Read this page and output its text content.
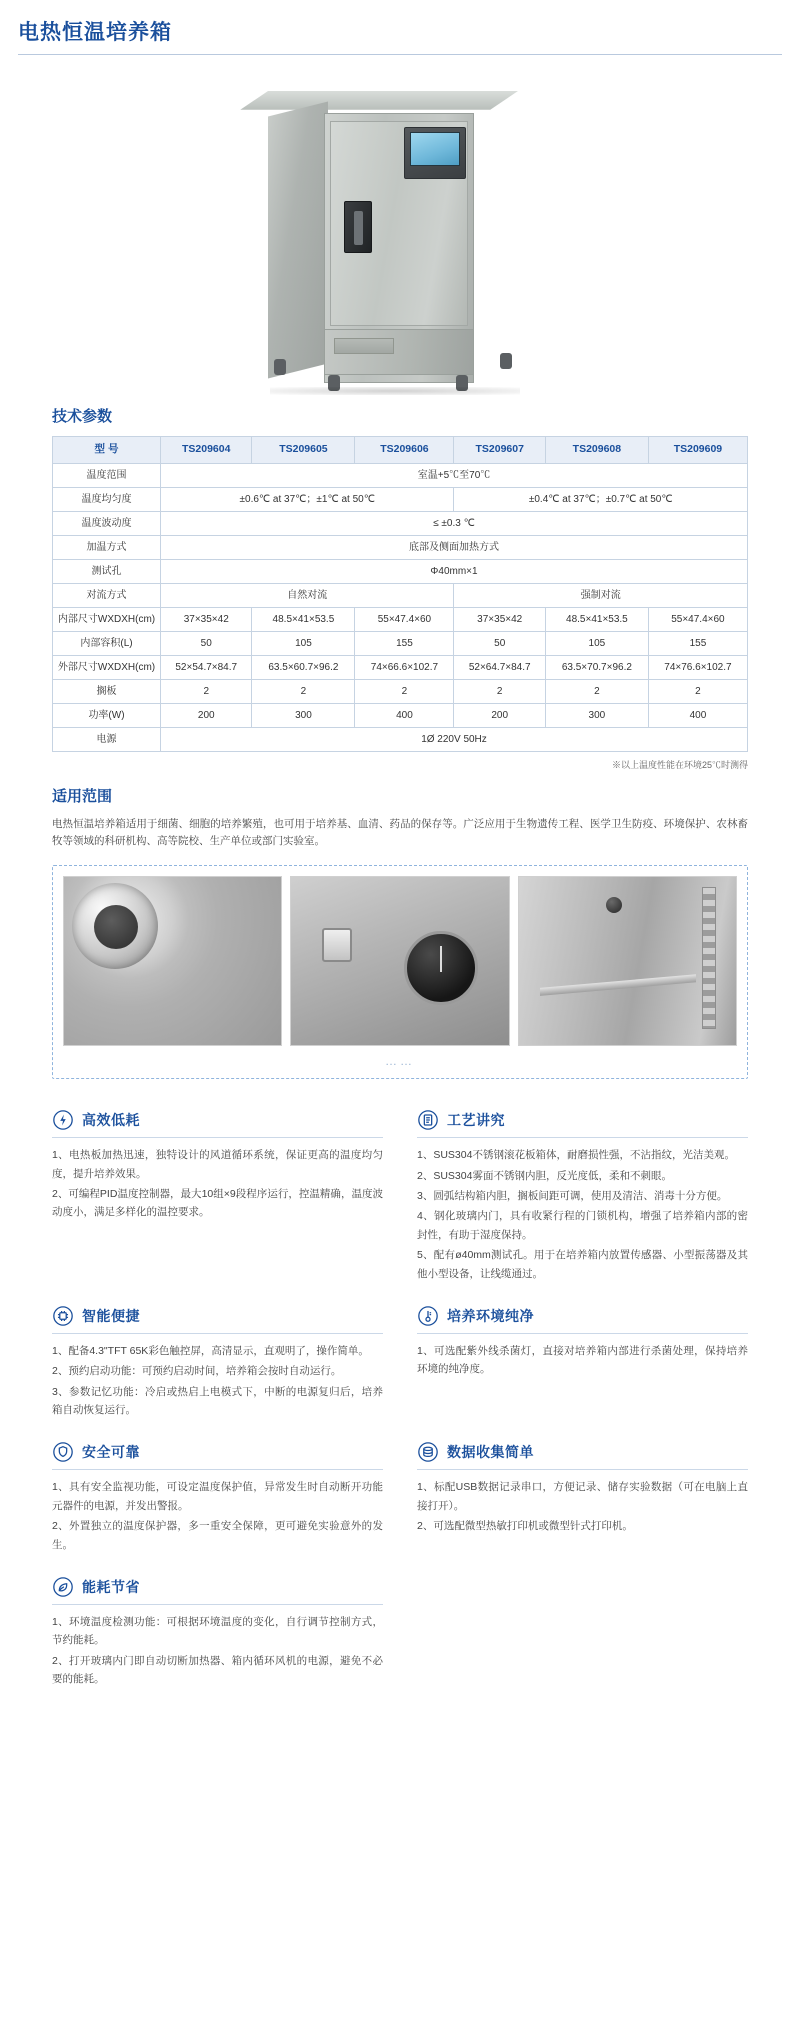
电热恒温培养箱
技术参数
型 号	TS209604	TS209605	TS209606	TS209607	TS209608	TS209609
温度范围	室温+5℃至70℃					
温度均匀度	±0.6℃ at 37℃；±1℃ at 50℃			±0.4℃ at 37℃；±0.7℃ at 50℃		
温度波动度	≤ ±0.3 ℃					
加温方式	底部及侧面加热方式					
测试孔	Φ40mm×1					
对流方式	自然对流			强制对流		
内部尺寸WXDXH(cm)	37×35×42	48.5×41×53.5	55×47.4×60	37×35×42	48.5×41×53.5	55×47.4×60
内部容积(L)	50	105	155	50	105	155
外部尺寸WXDXH(cm)	52×54.7×84.7	63.5×60.7×96.2	74×66.6×102.7	52×64.7×84.7	63.5×70.7×96.2	74×76.6×102.7
搁板	2	2	2	2	2	2
功率(W)	200	300	400	200	300	400
电源	1Ø 220V 50Hz					
※以上温度性能在环境25℃时测得
适用范围
电热恒温培养箱适用于细菌、细胞的培养繁殖，也可用于培养基、血清、药品的保存等。广泛应用于生物遗传工程、医学卫生防疫、环境保护、农林畜牧等领域的科研机构、高等院校、生产单位或部门实验室。
……
高效低耗
1、电热板加热迅速，独特设计的风道循环系统，保证更高的温度均匀度，提升培养效果。
2、可编程PID温度控制器，最大10组×9段程序运行，控温精确，温度波动度小，满足多样化的温控要求。
工艺讲究
1、SUS304不锈钢滚花板箱体，耐磨损性强，不沾指纹，光洁美观。
2、SUS304雾面不锈钢内胆，反光度低，柔和不刺眼。
3、圆弧结构箱内胆，搁板间距可调，使用及清洁、消毒十分方便。
4、钢化玻璃内门，具有收紧行程的门锁机构，增强了培养箱内部的密封性，有助于湿度保持。
5、配有ø40mm测试孔。用于在培养箱内放置传感器、小型振荡器及其他小型设备，让线缆通过。
智能便捷
1、配备4.3"TFT 65K彩色触控屏，高清显示，直观明了，操作简单。
2、预约启动功能：可预约启动时间，培养箱会按时自动运行。
3、参数记忆功能：冷启或热启上电模式下，中断的电源复归后，培养箱自动恢复运行。
培养环境纯净
1、可选配紫外线杀菌灯，直接对培养箱内部进行杀菌处理，保持培养环境的纯净度。
安全可靠
1、具有安全监视功能，可设定温度保护值，异常发生时自动断开功能元器件的电源，并发出警报。
2、外置独立的温度保护器，多一重安全保障，更可避免实验意外的发生。
数据收集简单
1、标配USB数据记录串口，方便记录、储存实验数据（可在电脑上直接打开）。
2、可选配微型热敏打印机或微型针式打印机。
能耗节省
1、环境温度检测功能：可根据环境温度的变化，自行调节控制方式，节约能耗。
2、打开玻璃内门即自动切断加热器、箱内循环风机的电源，避免不必要的能耗。
